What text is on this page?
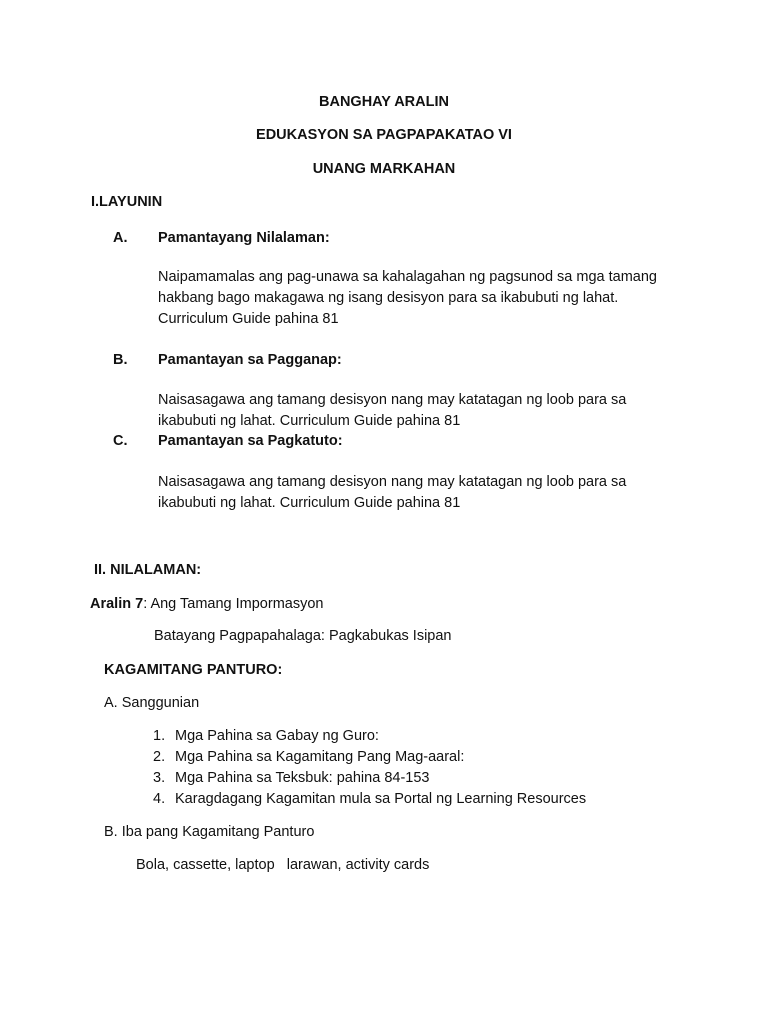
BANGHAY ARALIN
EDUKASYON SA PAGPAPAKATAO VI
UNANG MARKAHAN
I.LAYUNIN
A. Pamantayang Nilalaman:
Naipamamalas ang pag-unawa sa kahalagahan ng pagsunod sa mga tamang
hakbang bago makagawa ng isang desisyon para sa ikabubuti ng lahat.
Curriculum Guide pahina 81
B. Pamantayan sa Pagganap:
Naisasagawa ang tamang desisyon nang may katatagan ng loob para sa
ikabubuti ng lahat. Curriculum Guide pahina 81
C. Pamantayan sa Pagkatuto:
Naisasagawa ang tamang desisyon nang may katatagan ng loob para sa
ikabubuti ng lahat. Curriculum Guide pahina 81
II. NILALAMAN:
Aralin 7: Ang Tamang Impormasyon
Batayang Pagpapahalaga: Pagkabukas Isipan
KAGAMITANG PANTURO:
A. Sanggunian
1. Mga Pahina sa Gabay ng Guro:
2. Mga Pahina sa Kagamitang Pang Mag-aaral:
3. Mga Pahina sa Teksbuk: pahina 84-153
4. Karagdagang Kagamitan mula sa Portal ng Learning Resources
B. Iba pang Kagamitang Panturo
Bola, cassette, laptop   larawan, activity cards
